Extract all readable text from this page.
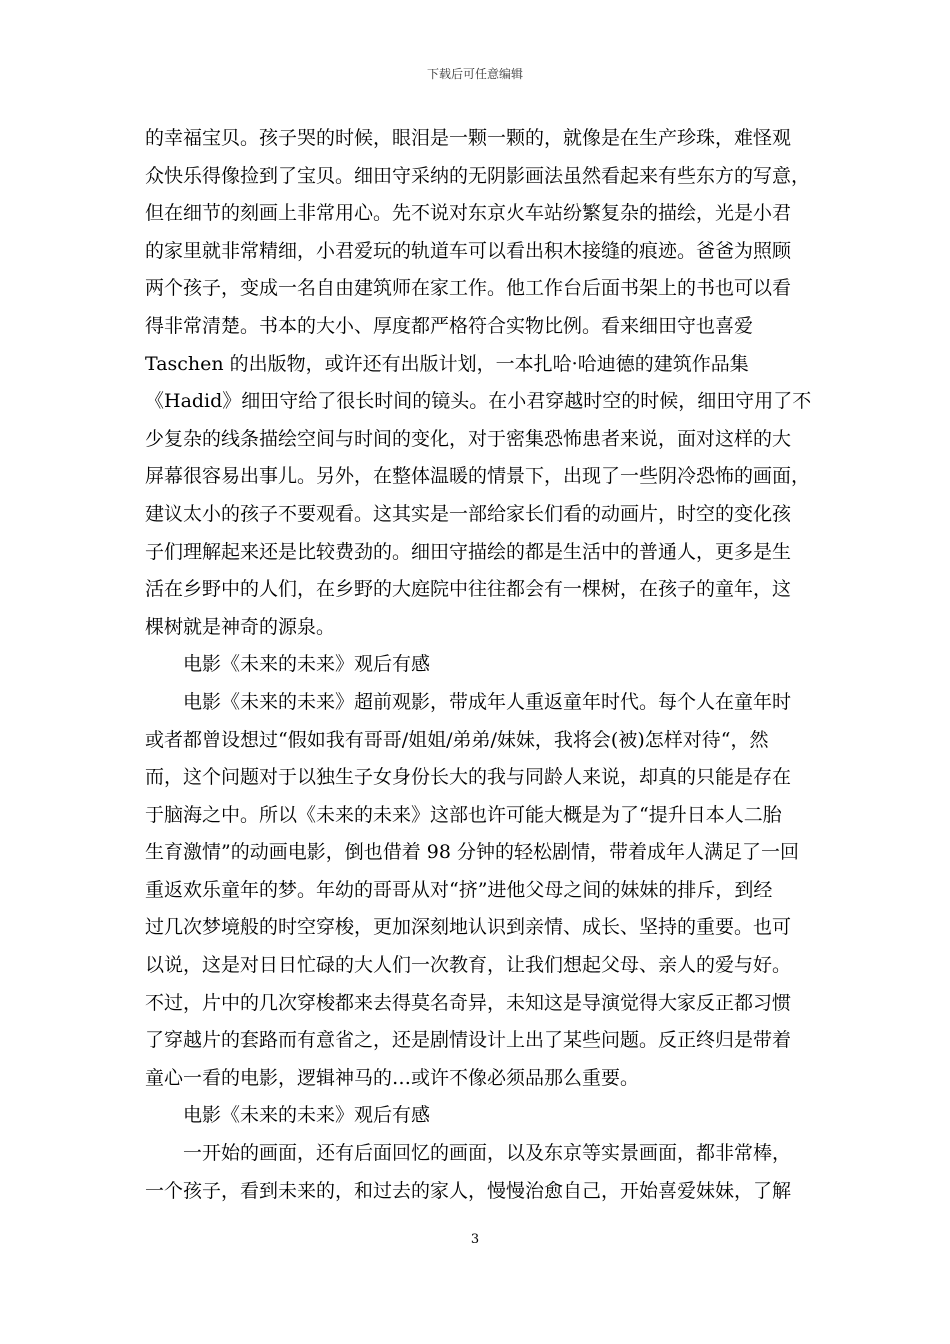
下载后可任意编辑
的幸福宝贝。孩子哭的时候，眼泪是一颗一颗的，就像是在生产珍珠，难怪观
众快乐得像捡到了宝贝。细田守采纳的无阴影画法虽然看起来有些东方的写意，
但在细节的刻画上非常用心。先不说对东京火车站纷繁复杂的描绘，光是小君
的家里就非常精细，小君爱玩的轨道车可以看出积木接缝的痕迹。爸爸为照顾
两个孩子，变成一名自由建筑师在家工作。他工作台后面书架上的书也可以看
得非常清楚。书本的大小、厚度都严格符合实物比例。看来细田守也喜爱
Taschen 的出版物，或许还有出版计划，一本扎哈·哈迪德的建筑作品集
《Hadid》细田守给了很长时间的镜头。在小君穿越时空的时候，细田守用了不
少复杂的线条描绘空间与时间的变化，对于密集恐怖患者来说，面对这样的大
屏幕很容易出事儿。另外，在整体温暖的情景下，出现了一些阴冷恐怖的画面，
建议太小的孩子不要观看。这其实是一部给家长们看的动画片，时空的变化孩
子们理解起来还是比较费劲的。细田守描绘的都是生活中的普通人，更多是生
活在乡野中的人们，在乡野的大庭院中往往都会有一棵树，在孩子的童年，这
棵树就是神奇的源泉。
电影《未来的未来》观后有感
电影《未来的未来》超前观影，带成年人重返童年时代。每个人在童年时
或者都曾设想过“假如我有哥哥/姐姐/弟弟/妹妹，我将会(被)怎样对待“，然
而，这个问题对于以独生子女身份长大的我与同龄人来说，却真的只能是存在
于脑海之中。所以《未来的未来》这部也许可能大概是为了“提升日本人二胎
生育激情”的动画电影，倒也借着 98 分钟的轻松剧情，带着成年人满足了一回
重返欢乐童年的梦。年幼的哥哥从对“挤”进他父母之间的妹妹的排斥，到经
过几次梦境般的时空穿梭，更加深刻地认识到亲情、成长、坚持的重要。也可
以说，这是对日日忙碌的大人们一次教育，让我们想起父母、亲人的爱与好。
不过，片中的几次穿梭都来去得莫名奇异，未知这是导演觉得大家反正都习惯
了穿越片的套路而有意省之，还是剧情设计上出了某些问题。反正终归是带着
童心一看的电影，逻辑神马的…或许不像必须品那么重要。
电影《未来的未来》观后有感
一开始的画面，还有后面回忆的画面，以及东京等实景画面，都非常棒，
一个孩子，看到未来的，和过去的家人，慢慢治愈自己，开始喜爱妹妹，了解
3
